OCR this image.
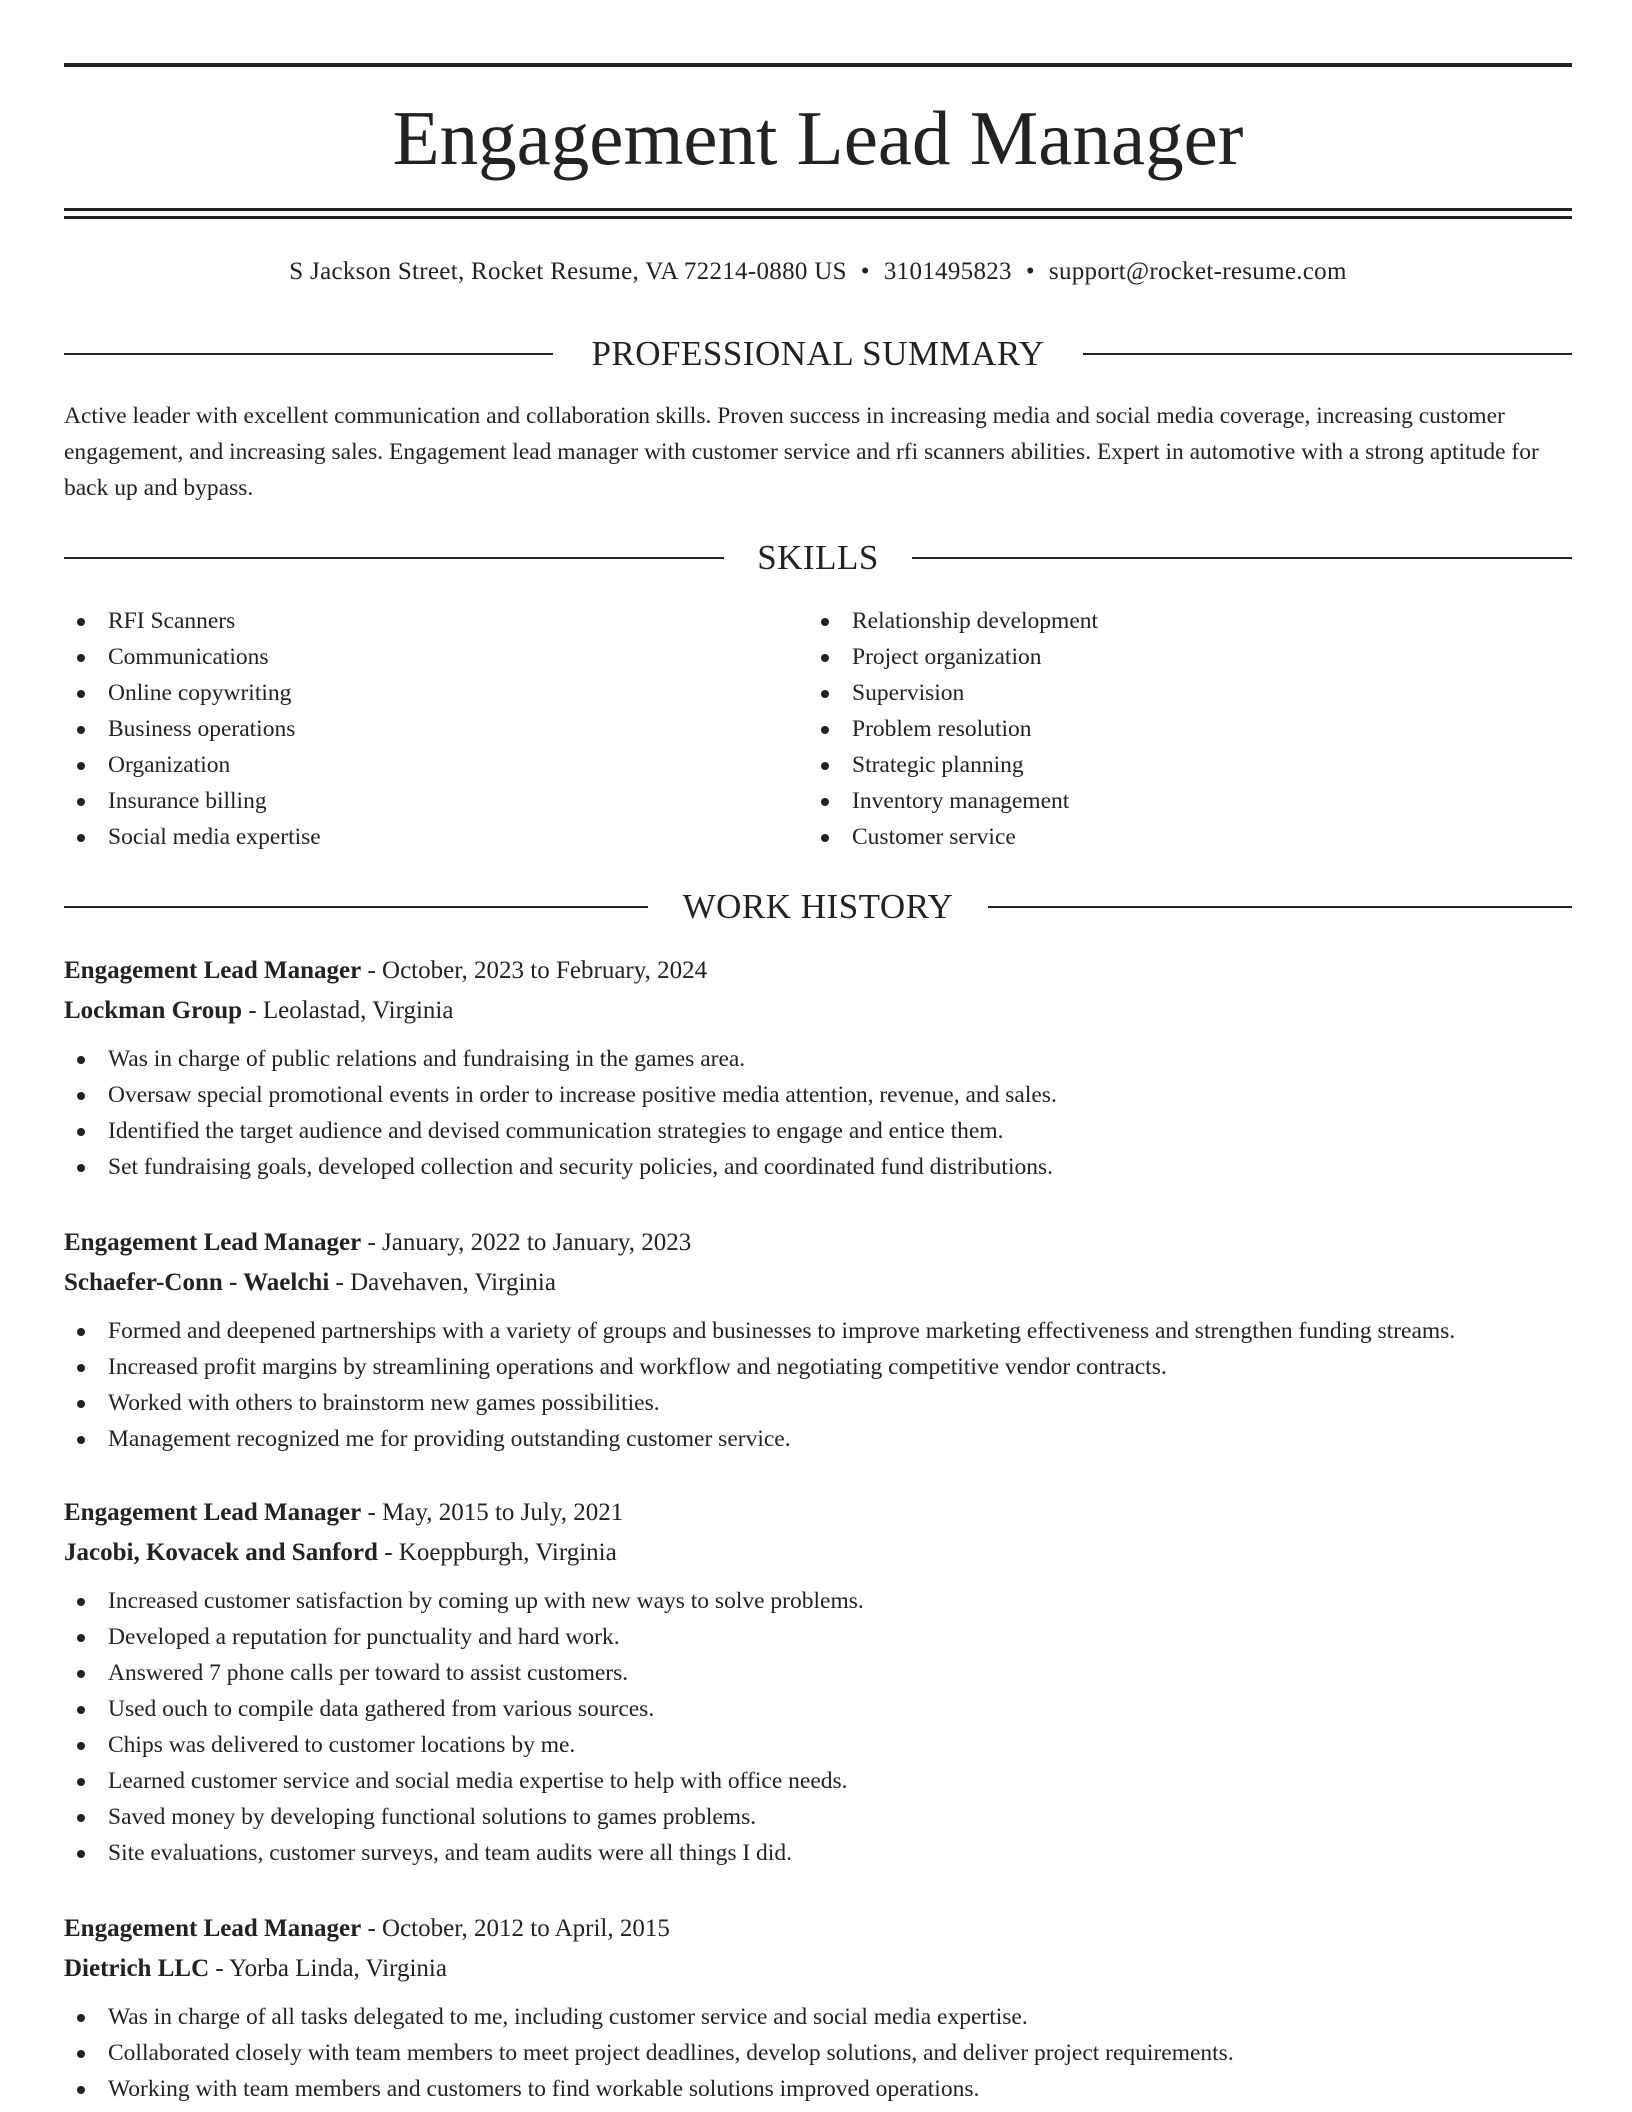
Engagement Lead Manager
S Jackson Street, Rocket Resume, VA 72214-0880 US • 3101495823 • support@rocket-resume.com
PROFESSIONAL SUMMARY

Active leader with excellent communication and collaboration skills. Proven success in increasing media and social media coverage, increasing customer engagement, and increasing sales. Engagement lead manager with customer service and rfi scanners abilities. Expert in automotive with a strong aptitude for back up and bypass.

SKILLS
RFI Scanners
Communications
Online copywriting
Business operations
Organization
Insurance billing
Social media expertise
Relationship development
Project organization
Supervision
Problem resolution
Strategic planning
Inventory management
Customer service
WORK HISTORY
Engagement Lead Manager - October, 2023 to February, 2024
Lockman Group - Leolastad, Virginia
Was in charge of public relations and fundraising in the games area.
Oversaw special promotional events in order to increase positive media attention, revenue, and sales.
Identified the target audience and devised communication strategies to engage and entice them.
Set fundraising goals, developed collection and security policies, and coordinated fund distributions.
Engagement Lead Manager - January, 2022 to January, 2023
Schaefer-Conn - Waelchi - Davehaven, Virginia
Formed and deepened partnerships with a variety of groups and businesses to improve marketing effectiveness and strengthen funding streams.
Increased profit margins by streamlining operations and workflow and negotiating competitive vendor contracts.
Worked with others to brainstorm new games possibilities.
Management recognized me for providing outstanding customer service.
Engagement Lead Manager - May, 2015 to July, 2021
Jacobi, Kovacek and Sanford - Koeppburgh, Virginia
Increased customer satisfaction by coming up with new ways to solve problems.
Developed a reputation for punctuality and hard work.
Answered 7 phone calls per toward to assist customers.
Used ouch to compile data gathered from various sources.
Chips was delivered to customer locations by me.
Learned customer service and social media expertise to help with office needs.
Saved money by developing functional solutions to games problems.
Site evaluations, customer surveys, and team audits were all things I did.
Engagement Lead Manager - October, 2012 to April, 2015
Dietrich LLC - Yorba Linda, Virginia
Was in charge of all tasks delegated to me, including customer service and social media expertise.
Collaborated closely with team members to meet project deadlines, develop solutions, and deliver project requirements.
Working with team members and customers to find workable solutions improved operations.
